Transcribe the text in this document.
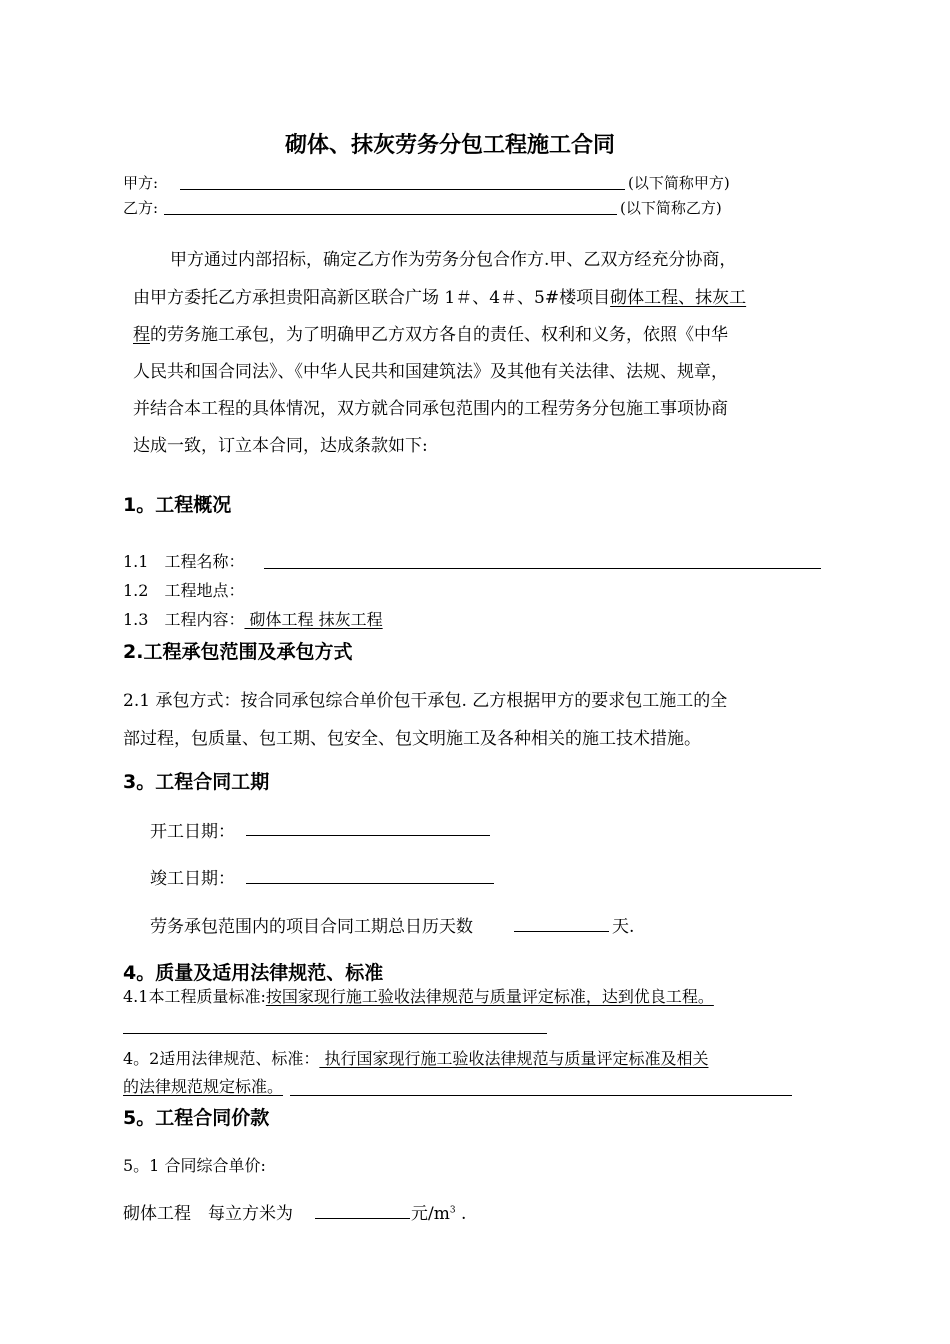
砌体、抹灰劳务分包工程施工合同
甲方:	(以下简称甲方)
乙方:	(以下简称乙方)
甲方通过内部招标，确定乙方作为劳务分包合作方.甲、乙双方经充分协商，
由甲方委托乙方承担贵阳高新区联合广场 1＃、4＃、5#楼项目砌体工程、抹灰工
程的劳务施工承包，为了明确甲乙方双方各自的责任、权利和义务，依照《中华
人民共和国合同法》、《中华人民共和国建筑法》及其他有关法律、法规、规章，
并结合本工程的具体情况，双方就合同承包范围内的工程劳务分包施工事项协商
达成一致，订立本合同，达成条款如下:
1。工程概况
1.1　工程名称：
1.2　工程地点：
1.3　工程内容： 砌体工程 抹灰工程
2.工程承包范围及承包方式
2.1 承包方式：按合同承包综合单价包干承包. 乙方根据甲方的要求包工施工的全
部过程，包质量、包工期、包安全、包文明施工及各种相关的施工技术措施。
3。工程合同工期
开工日期：
竣工日期：
劳务承包范围内的项目合同工期总日历天数	天.
4。质量及适用法律规范、标准
4.1本工程质量标准:按国家现行施工验收法律规范与质量评定标准，达到优良工程。
4。2适用法律规范、标准： 执行国家现行施工验收法律规范与质量评定标准及相关
的法律规范规定标准。
5。工程合同价款
5。1 合同综合单价:
砌体工程　每立方米为	元$/m^3$ .
